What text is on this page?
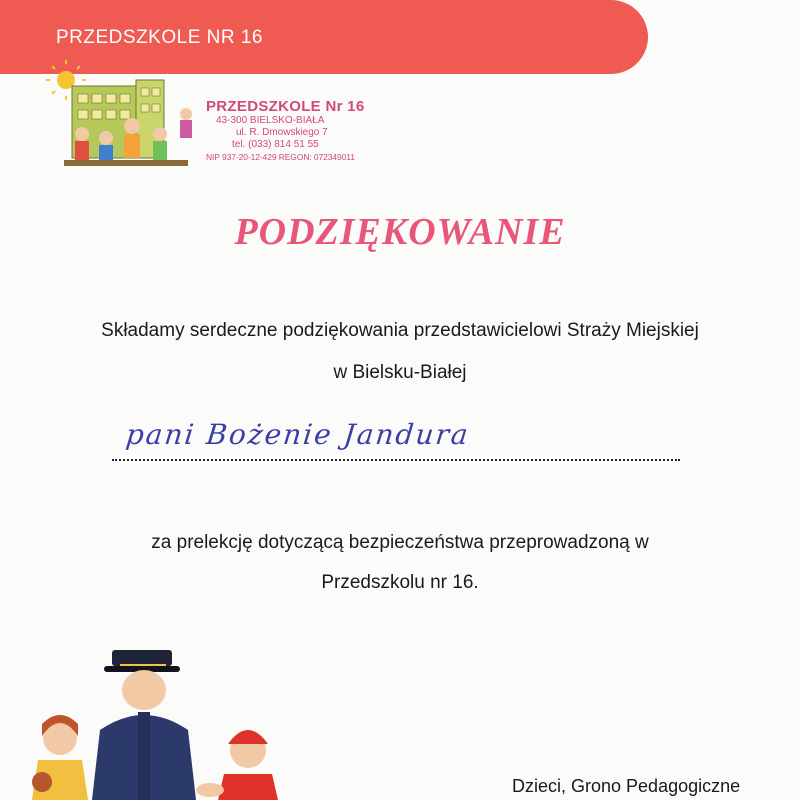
PRZEDSZKOLE NR 16
PRZEDSZKOLE Nr 16
43-300 BIELSKO-BIAŁA
ul. R. Dmowskiego 7
tel. (033) 814 51 55
NIP 937-20-12-429 REGON: 072349011
PODZIĘKOWANIE
Składamy serdeczne podziękowania przedstawicielowi Straży Miejskiej
w Bielsku-Białej
pani Bożenie Jandura
za prelekcję dotyczącą bezpieczeństwa przeprowadzoną w
Przedszkolu nr 16.
Dzieci, Grono Pedagogiczne
